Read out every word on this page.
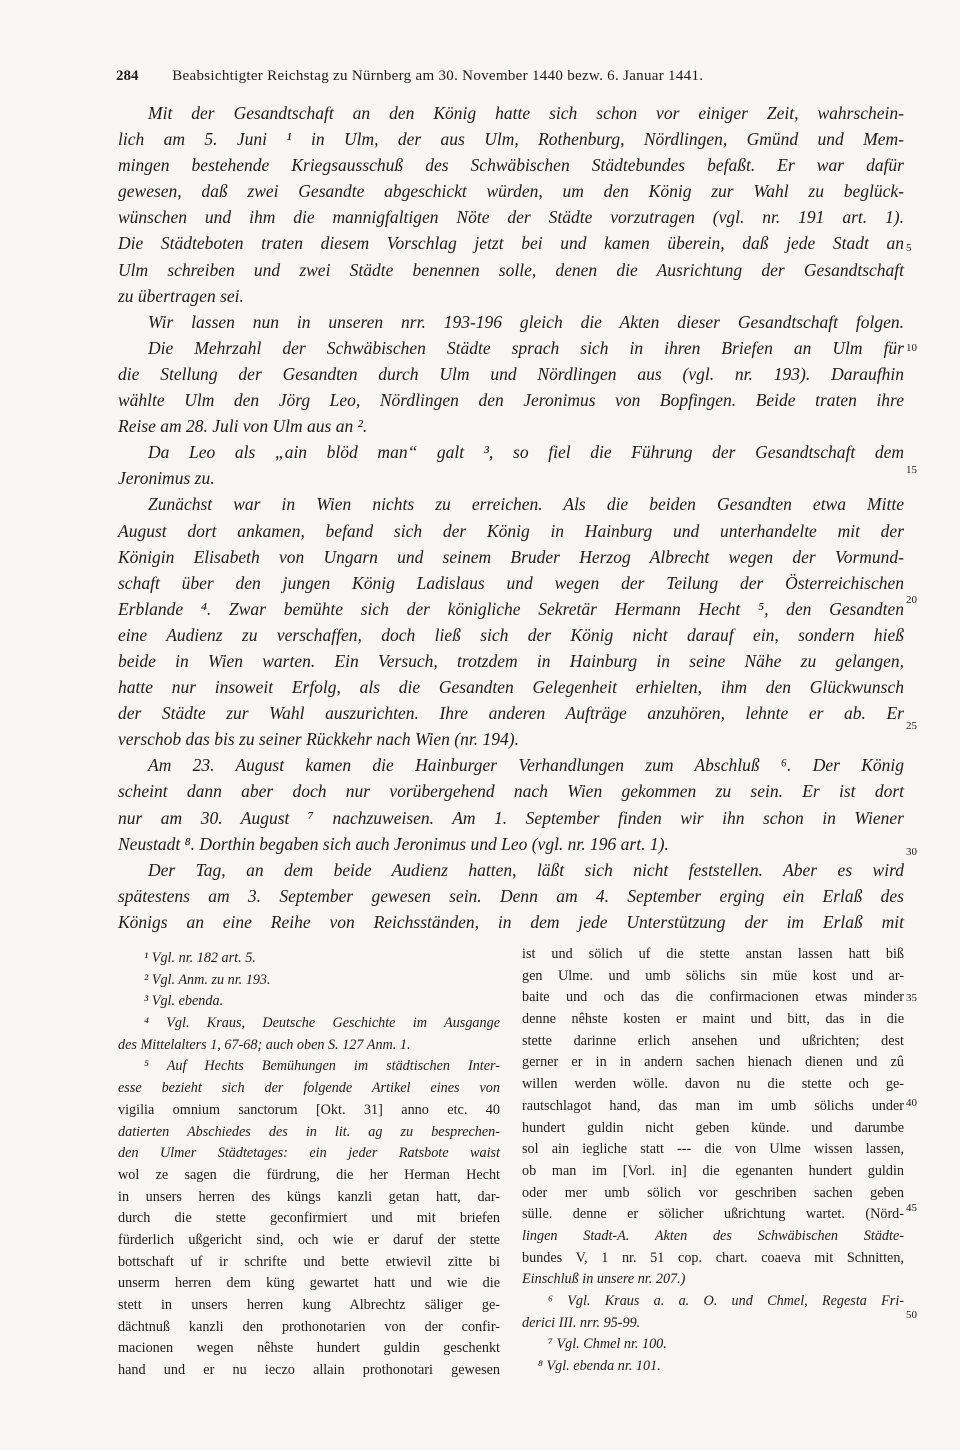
284 Beabsichtigter Reichstag zu Nürnberg am 30. November 1440 bezw. 6. Januar 1441.
Mit der Gesandtschaft an den König hatte sich schon vor einiger Zeit, wahrschein-
lich am 5. Juni ¹ in Ulm, der aus Ulm, Rothenburg, Nördlingen, Gmünd und Mem-
mingen bestehende Kriegsausschuß des Schwäbischen Städtebundes befaßt. Er war dafür
gewesen, daß zwei Gesandte abgeschickt würden, um den König zur Wahl zu beglück-
wünschen und ihm die mannigfaltigen Nöte der Städte vorzutragen (vgl. nr. 191 art. 1).
Die Städteboten traten diesem Vorschlag jetzt bei und kamen überein, daß jede Stadt an
Ulm schreiben und zwei Städte benennen solle, denen die Ausrichtung der Gesandtschaft
zu übertragen sei.
Wir lassen nun in unseren nrr. 193-196 gleich die Akten dieser Gesandtschaft folgen.
Die Mehrzahl der Schwäbischen Städte sprach sich in ihren Briefen an Ulm für
die Stellung der Gesandten durch Ulm und Nördlingen aus (vgl. nr. 193). Daraufhin
wählte Ulm den Jörg Leo, Nördlingen den Jeronimus von Bopfingen. Beide traten ihre
Reise am 28. Juli von Ulm aus an ².
Da Leo als „ain blöd man“ galt ³, so fiel die Führung der Gesandtschaft dem
Jeronimus zu.
Zunächst war in Wien nichts zu erreichen. Als die beiden Gesandten etwa Mitte
August dort ankamen, befand sich der König in Hainburg und unterhandelte mit der
Königin Elisabeth von Ungarn und seinem Bruder Herzog Albrecht wegen der Vormund-
schaft über den jungen König Ladislaus und wegen der Teilung der Österreichischen
Erblande ⁴. Zwar bemühte sich der königliche Sekretär Hermann Hecht ⁵, den Gesandten
eine Audienz zu verschaffen, doch ließ sich der König nicht darauf ein, sondern hieß
beide in Wien warten. Ein Versuch, trotzdem in Hainburg in seine Nähe zu gelangen,
hatte nur insoweit Erfolg, als die Gesandten Gelegenheit erhielten, ihm den Glückwunsch
der Städte zur Wahl auszurichten. Ihre anderen Aufträge anzuhören, lehnte er ab. Er
verschob das bis zu seiner Rückkehr nach Wien (nr. 194).
Am 23. August kamen die Hainburger Verhandlungen zum Abschluß ⁶. Der König
scheint dann aber doch nur vorübergehend nach Wien gekommen zu sein. Er ist dort
nur am 30. August ⁷ nachzuweisen. Am 1. September finden wir ihn schon in Wiener
Neustadt ⁸. Dorthin begaben sich auch Jeronimus und Leo (vgl. nr. 196 art. 1).
Der Tag, an dem beide Audienz hatten, läßt sich nicht feststellen. Aber es wird
spätestens am 3. September gewesen sein. Denn am 4. September erging ein Erlaß des
Königs an eine Reihe von Reichsständen, in dem jede Unterstützung der im Erlaß mit
5
10
15
20
25
30
¹ Vgl. nr. 182 art. 5.
² Vgl. Anm. zu nr. 193.
³ Vgl. ebenda.
⁴ Vgl. Kraus, Deutsche Geschichte im Ausgange
des Mittelalters 1, 67-68; auch oben S. 127 Anm. 1.
⁵ Auf Hechts Bemühungen im städtischen Inter-
esse bezieht sich der folgende Artikel eines von
vigilia omnium sanctorum [Okt. 31] anno etc. 40
datierten Abschiedes des in lit. ag zu besprechen-
den Ulmer Städtetages: ein jeder Ratsbote waist
wol ze sagen die fürdrung, die her Herman Hecht
in unsers herren des küngs kanzli getan hatt, dar-
durch die stette geconfirmiert und mit briefen
fürderlich ußgericht sind, och wie er daruf der stette
bottschaft uf ir schrifte und bette etwievil zitte bi
unserm herren dem küng gewartet hatt und wie die
stett in unsers herren kung Albrechtz säliger ge-
dächtnuß kanzli den prothonotarien von der confir-
macionen wegen nêhste hundert guldin geschenkt
hand und er nu ieczo allain prothonotari gewesen
ist und sölich uf die stette anstan lassen hatt biß
gen Ulme. und umb sölichs sin müe kost und ar-
baite und och das die confirmacionen etwas minder
denne nêhste kosten er maint und bitt, das in die
stette darinne erlich ansehen und ußrichten; dest
gerner er in in andern sachen hienach dienen und zû
willen werden wölle. davon nu die stette och ge-
rautschlagot hand, das man im umb sölichs under
hundert guldin nicht geben künde. und darumbe
sol ain iegliche statt --- die von Ulme wissen lassen,
ob man im [Vorl. in] die egenanten hundert guldin
oder mer umb sölich vor geschriben sachen geben
sülle. denne er sölicher ußrichtung wartet. (Nörd-
lingen Stadt-A. Akten des Schwäbischen Städte-
bundes V, 1 nr. 51 cop. chart. coaeva mit Schnitten,
Einschluß in unsere nr. 207.)
⁶ Vgl. Kraus a. a. O. und Chmel, Regesta Fri-
derici III. nrr. 95-99.
⁷ Vgl. Chmel nr. 100.
⁸ Vgl. ebenda nr. 101.
35
40
45
50
